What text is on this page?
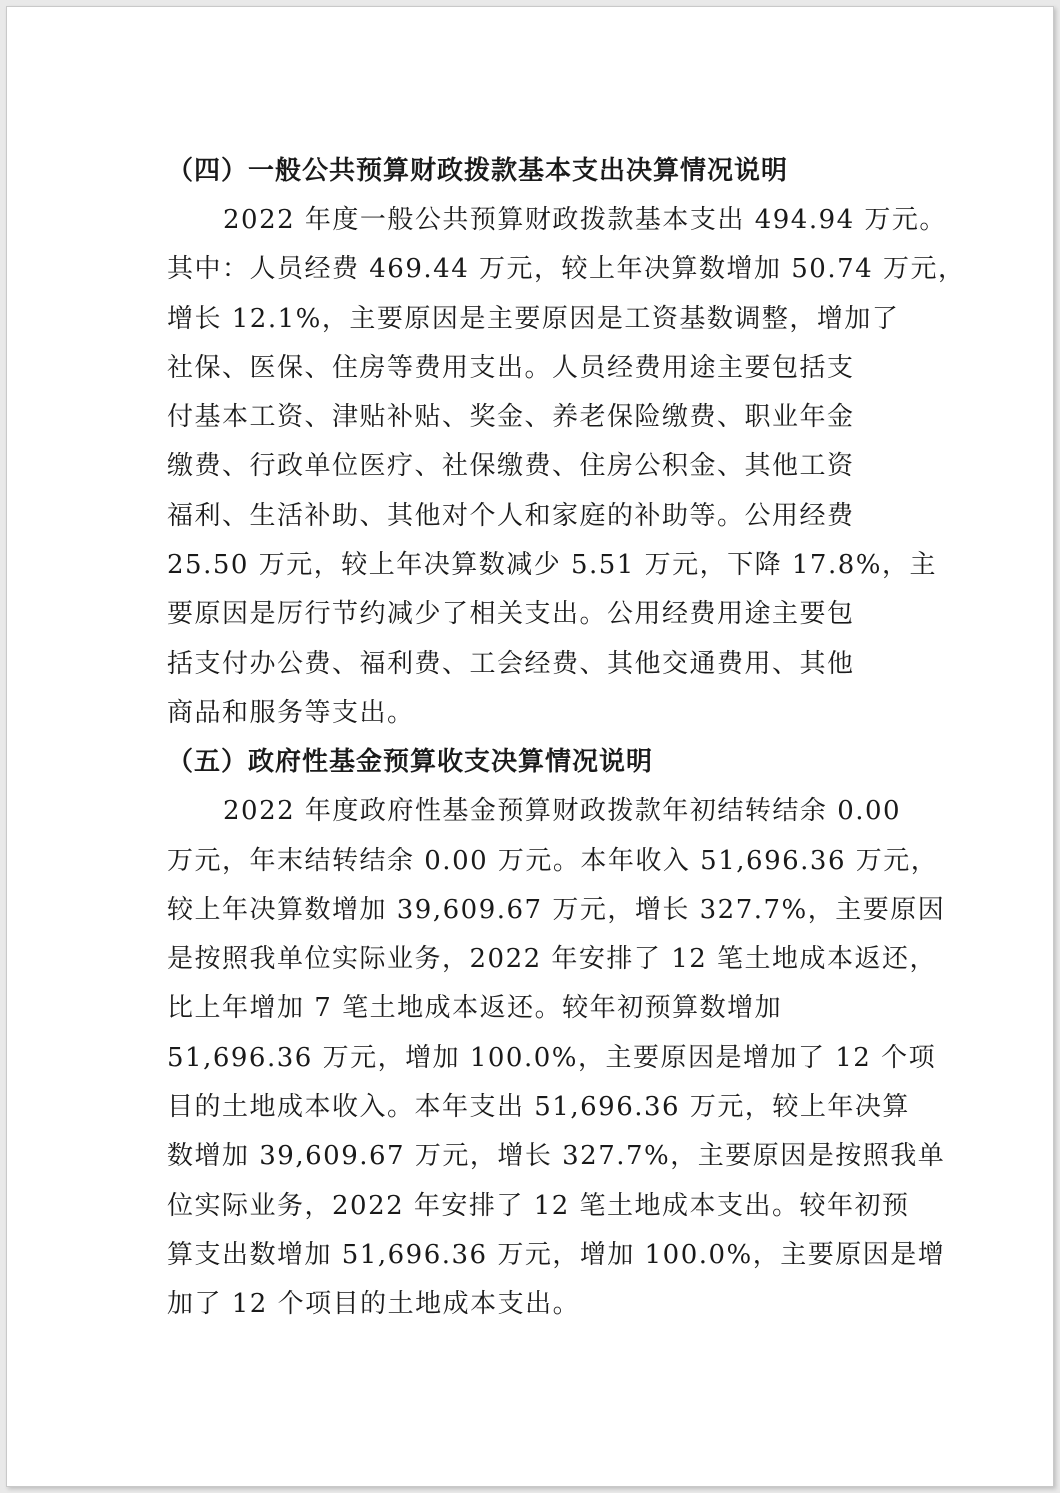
（四）一般公共预算财政拨款基本支出决算情况说明
2022 年度一般公共预算财政拨款基本支出 494.94 万元。
其中：人员经费 469.44 万元，较上年决算数增加 50.74 万元，
增长 12.1%，主要原因是主要原因是工资基数调整，增加了
社保、医保、住房等费用支出。人员经费用途主要包括支
付基本工资、津贴补贴、奖金、养老保险缴费、职业年金
缴费、行政单位医疗、社保缴费、住房公积金、其他工资
福利、生活补助、其他对个人和家庭的补助等。公用经费
25.50 万元，较上年决算数减少 5.51 万元，下降 17.8%，主
要原因是厉行节约减少了相关支出。公用经费用途主要包
括支付办公费、福利费、工会经费、其他交通费用、其他
商品和服务等支出。
（五）政府性基金预算收支决算情况说明
2022 年度政府性基金预算财政拨款年初结转结余 0.00
万元，年末结转结余 0.00 万元。本年收入 51,696.36 万元，
较上年决算数增加 39,609.67 万元，增长 327.7%，主要原因
是按照我单位实际业务，2022 年安排了 12 笔土地成本返还，
比上年增加 7 笔土地成本返还。较年初预算数增加
51,696.36 万元，增加 100.0%，主要原因是增加了 12 个项
目的土地成本收入。本年支出 51,696.36 万元，较上年决算
数增加 39,609.67 万元，增长 327.7%，主要原因是按照我单
位实际业务，2022 年安排了 12 笔土地成本支出。较年初预
算支出数增加 51,696.36 万元，增加 100.0%，主要原因是增
加了 12 个项目的土地成本支出。
